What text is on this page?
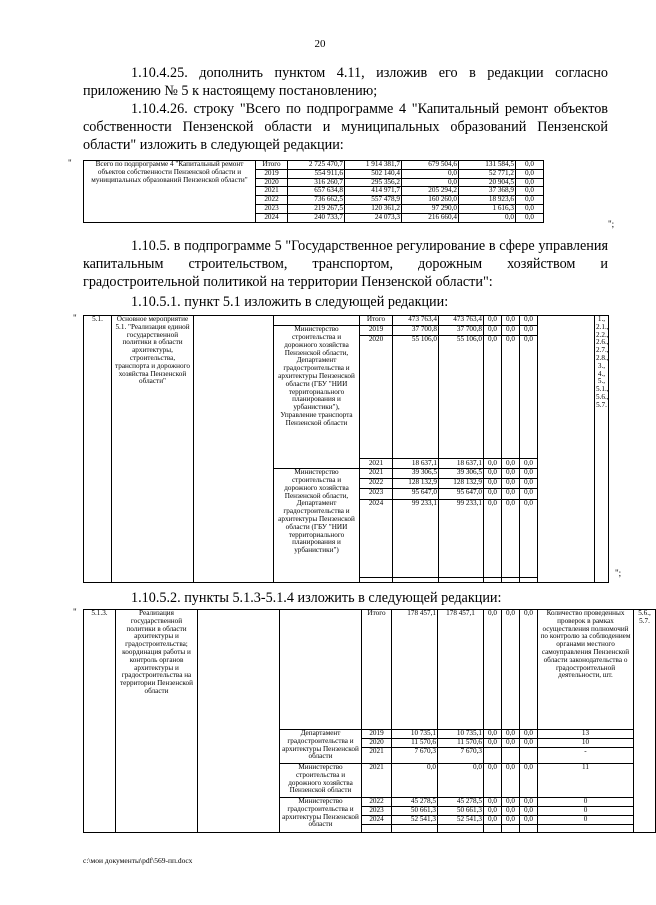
20
1.10.4.25. дополнить пунктом 4.11, изложив его в редакции согласно приложению № 5 к настоящему постановлению;
1.10.4.26. строку "Всего по подпрограмме 4 "Капитальный ремонт объектов собственности Пензенской области и муниципальных образований Пензенской области" изложить в следующей редакции:
"	Всего по подпрограмме 4 "Капитальный ремонт объектов собственности Пензенской области и муниципальных образований Пензенской области"	Итого	2 725 470,7	1 914 381,7	679 504,6	131 584,5	0,0	
	2019	554 911,6	502 140,4	0,0	52 771,2	0,0	
	2020	316 260,7	295 356,2	0,0	20 904,5	0,0	
	2021	657 634,8	414 971,7	205 294,2	37 368,9	0,0	
	2022	736 662,5	557 478,9	160 260,0	18 923,6	0,0	
	2023	219 267,5	120 361,2	97 290,0	1 616,3	0,0	
	2024	240 733,7	24 073,3	216 660,4	0,0	0,0	
";
1.10.5. в подпрограмме 5 "Государственное регулирование в сфере управления капитальным строительством, транспортом, дорожным хозяйством и градостроительной политикой на территории Пензенской области":
1.10.5.1. пункт 5.1 изложить в следующей редакции:
" 5.1.	Основное мероприятие 5.1. "Реализация единой государственной политики в области архитектуры, строительства, транспорта и дорожного хозяйства Пензенской области"			Итого	473 763,4	473 763,4	0,0	0,0	0,0		1., 2.1., 2.2., 2.6., 2.7., 2.8., 3., 4., 5., 5.1., 5.6., 5.7.
			Министерство строительства и дорожного хозяйства Пензенской области, Департамент градостроительства и архитектуры Пензенской области (ГБУ "НИИ территориального планирования и урбанистики"), Управление транспорта Пензенской области	2019	37 700,8	37 700,8	0,0	0,0	0,0		
				2020	55 106,0	55 106,0	0,0	0,0	0,0		
				2021	18 637,1	18 637,1	0,0	0,0	0,0		
			Министерство строительства и дорожного хозяйства Пензенской области, Департамент градостроительства и архитектуры Пензенской области (ГБУ "НИИ территориального планирования и урбанистики")	2021	39 306,5	39 306,5	0,0	0,0	0,0		
				2022	128 132,9	128 132,9	0,0	0,0	0,0		
				2023	95 647,0	95 647,0	0,0	0,0	0,0		
				2024	99 233,1	99 233,1	0,0	0,0	0,0		

";
1.10.5.2. пункты 5.1.3-5.1.4 изложить в следующей редакции:
" 5.1.3.	Реализация государственной политики в области архитектуры и градостроительства; координация работы и контроль органов архитектуры и градостроительства на территории Пензенской области			Итого	178 457,1	178 457,1	0,0	0,0	0,0	Количество проведенных проверок в рамках осуществления полномочий по контролю за соблюдением органами местного самоуправления Пензенской области законодательства о градостроительной деятельности, шт.	5.6., 5.7.
			Департамент градостроительства и архитектуры Пензенской области	2019	10 735,1	10 735,1	0,0	0,0	0,0	13	
				2020	11 570,6	11 570,6	0,0	0,0	0,0	10	
				2021	7 670,3	7 670,3				-	
			Министерство строительства и дорожного хозяйства Пензенской области	2021	0,0	0,0	0,0	0,0	0,0	11	
			Министерство градостроительства и архитектуры Пензенской области	2022	45 278,5	45 278,5	0,0	0,0	0,0	0	
				2023	50 661,3	50 661,3	0,0	0,0	0,0	0	
				2024	52 541,3	52 541,3	0,0	0,0	0,0	0	

c:\мои документы\pdf\569-пп.docx
